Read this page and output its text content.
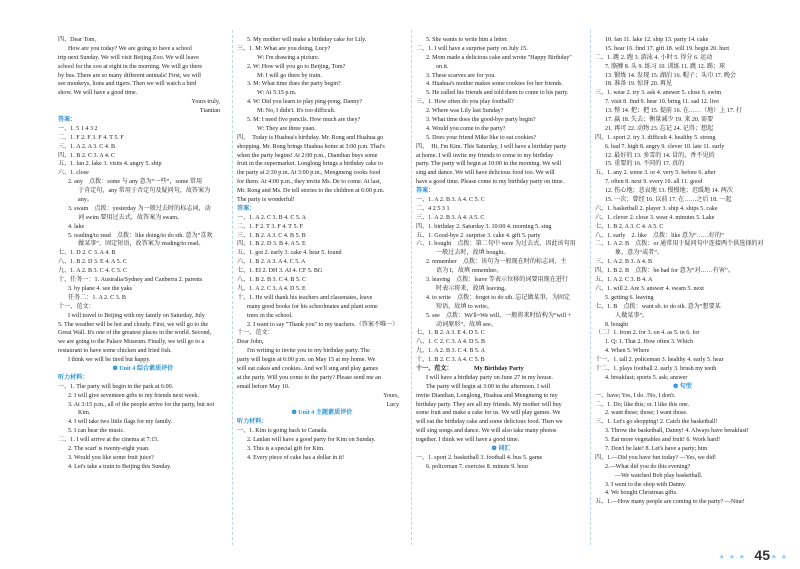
四、Dear Tom,
How are you today? We are going to have a school
trip next Sunday. We will visit Beijing Zoo. We will leave
school for the zoo at eight in the morning. We will go there
by bus. There are so many different animals! First, we will
see monkeys, lions and tigers. Then we will watch a bird
show. We will have a good time.
Yours truly,
Tiantian
答案：
一、1. 5 1 4 3 2
二、1. F 2. F 3. F 4. T 5. F
三、1. A 2. A 3. C 4. B
四、1. B 2. C 3. A 4. C
五、1. fan 2. lake 3. visits 4. angry 5. ship
六、1. close
2. any　点拨：some 与 any 意为“一些”，some 常用
于肯定句，any 常用于否定句及疑问句，故答案为
any。
3. swam　点拨：yesterday 为一般过去时的标志词，动
词 swim 要用过去式，故答案为 swam。
4. lake
5. reading/to read　点拨：like doing/to do sth. 意为“喜欢
做某事”，固定短语，故答案为 reading/to read。
七、1. D 2. C 3. A 4. B
八、1. B 2. D 3. E 4. A 5. C
九、1. A 2. B 3. C 4. C 5. C
十、任务一：1. Australia/Sydney and Canberra 2. parents
3. by plane 4. see the yaks
任务二：1. A 2. C 3. B
十一、范文：
I will travel to Beijing with my family on Saturday, July
5. The weather will be hot and cloudy. First, we will go to the
Great Wall. It's one of the greatest places in the world. Second,
we are going to the Palace Museum. Finally, we will go to a
restaurant to have some chicken and fried fish.
I think we will be tired but happy.
❁ Unit 4 综合素质评价
听力材料：
一、1. The party will begin in the park at 6:00.
2. I will give seventeen gifts to my friends next week.
3. At 3:15 p.m., all of the people arrive for the party, but not
Kim.
4. I will take two little flags for my family.
5. I can hear the music.
二、1. I will arrive at the cinema at 7:15.
2. The scarf is twenty-eight yuan.
3. Would you like some fruit juice?
4. Let's take a train to Beijing this Sunday.
5. My mother will make a birthday cake for Lily.
三、1. M: What are you doing, Lucy?
W: I'm drawing a picture.
2. W: How will you go to Beijing, Tom?
M: I will go there by train.
3. M: What time does the party begin?
W: At 5:15 p.m.
4. W: Did you learn to play ping-pong, Danny?
M: No, I didn't. It's too difficult.
5. M: I need five pencils. How much are they?
W: They are three yuan.
四、　Today is Huahua's birthday. Mr. Rong and Huahua go
shopping. Mr. Rong brings Huahua home at 3:00 p.m. That's
when the party begins! At 2:00 p.m., Diandian buys some
fruit in the supermarket. Longlong brings a birthday cake to
the party at 2:30 p.m. At 3:00 p.m., Mengmeng cooks food
for them. At 4:00 p.m., they invite Ms. De to come. At last,
Mr. Rong and Ms. De tell stories to the children at 6:00 p.m.
The party is wonderful!
答案：
一、1. A 2. C 3. B 4. C 5. A
二、1. F 2. T 3. F 4. T 5. F
三、1. B 2. A 3. C 4. B 5. B
四、1. B 2. D 3. B 4. A 5. E
五、1. got 2. early 3. cake 4. hear 5. found
六、1. B 2. A 3. A 4. C 5. A
七、1. EI 2. DH 3. AI 4. CF 5. BG
八、1. B 2. B 3. C 4. B 5. C
九、1. A 2. C 3. A 4. D 5. E
十、1. He will thank his teachers and classmates, leave
many good books for his schoolmates and plant some
trees in the school.
2. I want to say "Thank you" to my teachers.（答案不唯一）
十一、范文：
Dear John,
I'm writing to invite you to my birthday party. The
party will begin at 6:00 p.m. on May 15 at my home. We
will eat cakes and cookies. And we'll sing and play games
at the party. Will you come to the party? Please send me an
email before May 10.
Yours,
Lucy
❁ Unit 4 主题素质评价
听力材料：
一、1. Kim is going back to Canada.
2. Lanlan will have a good party for Kim on Sunday.
3. This is a special gift for Kim.
4. Every piece of cake has a dollar in it!
5. She wants to write him a letter.
二、1. I will have a surprise party on July 15.
2. Mom made a delicious cake and wrote "Happy Birthday"
on it.
3. These scarves are for you.
4. Huahua's mother makes some cookies for her friends.
5. He called his friends and told them to come to his party.
三、1. How often do you play football?
2. Where was Lily last Sunday?
3. What time does the good-bye party begin?
4. Would you come to the party?
5. Does your friend Mike like to eat cookies?
四、　Hi, I'm Kim. This Saturday, I will have a birthday party
at home. I will invite my friends to come to my birthday
party. The party will begin at 10:00 in the morning. We will
sing and dance. We will have delicious food too. We will
have a good time. Please come to my birthday party on time.
答案：
一、1. A 2. B 3. A 4. C 5. C
二、4 2 5 3 1
三、1. A 2. B 3. A 4. A 5. C
四、1. birthday 2. Saturday 3. 10:00 4. morning 5. sing
五、1. Good-bye 2. surprise 3. cake 4. gift 5. party
六、1. bought　点拨：第二句中 were 为过去式，因此该句用
一般过去时，故填 bought。
2. remember　点拨：该句为一般现在时的标志词，主
语为 I，故填 remember。
3. leaving　点拨：leave 等表示位移的词要用现在进行
时表示将来，故填 leaving。
4. to write　点拨：forget to do sth. 忘记做某事，为固定
短语，故填 to write。
5. see　点拨：We'll=We will，一般将来时结构为“will +
动词原形”，故填 see。
七、1. B 2. A 3. E 4. D 5. C
八、1. C 2. C 3. A 4. D 5. B
九、1. A 2. B 3. C 4. B 5. A
十、1. B 2. C 3. A 4. C 5. B
十一、范文：　　　　My Birthday Party
I will have a birthday party on June 27 in my house.
The party will begin at 3:00 in the afternoon. I will
invite Diandian, Longlong, Huahua and Mengmeng to my
birthday party. They are all my friends. My mother will buy
some fruit and make a cake for us. We will play games. We
will eat the birthday cake and some delicious food. Then we
will sing songs and dance. We will also take many photos
together. I think we will have a good time.
❁ 词汇
一、1. sport 2. basketball 3. football 4. bus 5. game
6. policeman 7. exercise 8. minute 9. hour
10. fan 11. lake 12. ship 13. party 14. cake
15. hear 16. find 17. gift 18. will 19. begin 20. hurt
二、1. 跳 2. 跑 3. 游泳 4. 小时 5. 得分 6. 运动
7. 胳膊 8. 头 9. 练习 10. 训练 11. 跳 12. 踢；球
13. 锻炼 14. 发现 15. 湖泊 16. 帽子；头巾 17. 晚会
18. 准备 19. 惊讶 20. 再见
三、1. wear 2. try 3. ask 4. answer 5. close 6. swim
7. visit 8. find 9. hear 10. bring 11. sad 12. live
13. 整 14. 把；把 15. 提前 16. 在……（地）上 17. 打
17. 赢 18. 失去；衡量减少 19. 来 20. 需要
21. 再可 22. 动物 23. 忘记 24. 记得；想起
四、1. sport 2. try 3. difficult 4. healthy 5. strong
6. bad 7. high 8. angry 9. clever 10. late 11. early
12. 最好的 13. 多雪的 14. 冒的，香不见的
15. 重要的 16. 不同的 17. 真的
五、1. any 2. some 3. or 4. very 5. before 6. after
7. often 8. next 9. every 10. all 11. good
12. 伤心地；悲哀地 13. 慢慢地；迟缓地 14. 两次
15. 一次；曾经 16. 以前 17. 在……之后 18. 一起
六、1. basketball 2. player 3. ship 4. ships 5. cake
六、1. clever 2. close 3. wear 4. minutes 5. Lake
七、1. B 2. A 3. C 4. A 5. C
八、1. early　2. like　点拨：like 意为“……好的”
二、1. A 2. B　点拨：or 通常用于疑问句中连接两个供选择的对
象，意为“或者”。
三、1. A 2. B 3. A 4. B
四、1. B 2. B　点拨：be bad for 意为“对……有害”。
五、1. A 2. C 3. B 4. A
六、1. will 2. Are 3. answer 4. swam 5. next
5. getting 6. leaving
七、1. B　点拨：want sb. to do sth. 意为“想要某
人做某事”。
8. bought
（二）1. from 2. for 3. on 4. as 5. in 6. for
1. Q: 1. That 2. How often 3. Which
4. When 5. Where
十一、1. tall 2. policeman 3. healthy 4. early 5. hear
十二、1. plays football 2. early 3. brush my teeth
4. breakfast; sports 5. ask; answer
❁ 句型
一、have; Yes, I do. /No, I don't.
二、1. Do; like this; or. I like this one.
2. want these; those; I want those.
三、1. Let's go shopping! 2. Catch the basketball!
3. Throw the basketball, Danny! 4. Always have breakfast!
5. Eat more vegetables and fruit! 6. Work hard!
7. Don't be late! 8. Let's have a party; him
四、1.—Did you have fun today? —Yes, we did!
2.—What did you do this evening?
—We watched Bob play basketball.
3. I went to the shop with Danny.
4. We bought Christmas gifts.
五、1.—How many people are coming to the party? —Nine!
★ ★ ★ 45 ★ ★
